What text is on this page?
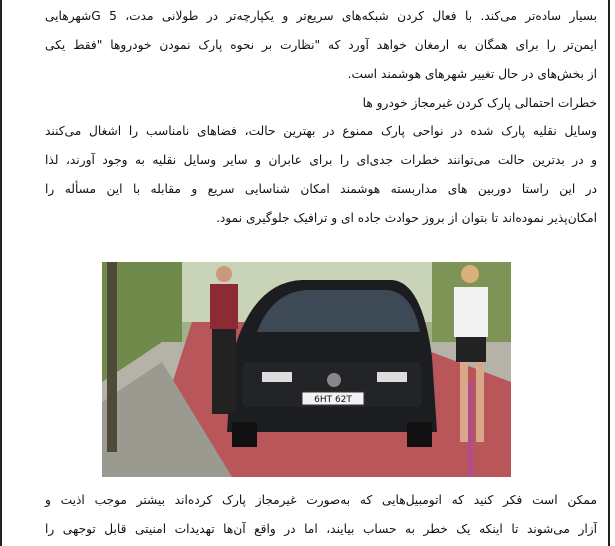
بسیار ساده‌تر می‌کند. با فعال کردن شبکه‌های سریع‌تر و یکپارچه‌تر در طولانی مدت، 5 Gشهرهایی
ایمن‌تر را برای همگان به ارمغان خواهد آورد که "نظارت بر نحوه پارک نمودن خودروها "فقط یکی
از بخش‌های در حال تغییر شهرهای هوشمند است.
خطرات احتمالی پارک کردن غیرمجاز خودرو ها
وسایل نقلیه پارک شده در نواحی پارک ممنوع در بهترین حالت، فضاهای نامناسب را اشغال می‌کنند
و در بدترین حالت می‌توانند خطرات جدی‌ای را برای عابران و سایر وسایل نقلیه به وجود آورند، لذا
در این راستا دوربین های مداربسته هوشمند امکان شناسایی سریع و مقابله با این مسأله را
امکان‌پذیر نموده‌اند تا بتوان از بروز حوادث جاده ای و ترافیک جلوگیری نمود.
6HT 62T
ممکن است فکر کنید که اتومبیل‌هایی که به‌صورت غیرمجاز پارک کرده‌اند بیشتر موجب اذیت و
آزار می‌شوند تا اینکه یک خطر به حساب بیایند، اما در واقع آن‌ها تهدیدات امنیتی قابل توجهی را
